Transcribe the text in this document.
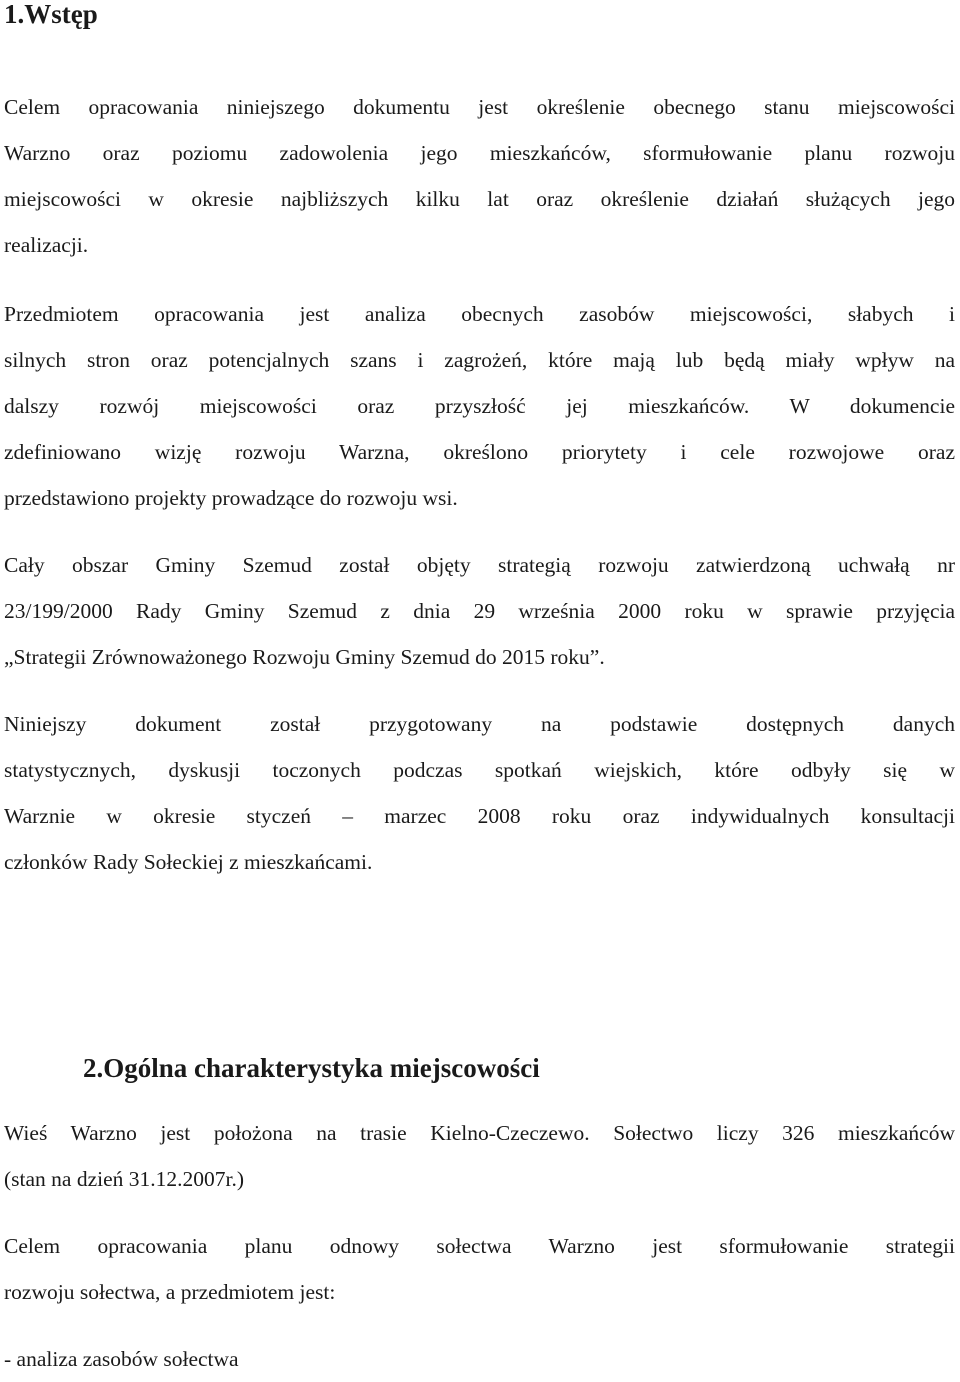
1.Wstęp
Celem opracowania niniejszego dokumentu jest określenie obecnego stanu miejscowości
Warzno oraz poziomu zadowolenia jego mieszkańców, sformułowanie planu rozwoju
miejscowości w okresie najbliższych kilku lat oraz określenie działań służących jego
realizacji.
Przedmiotem opracowania jest analiza obecnych zasobów miejscowości, słabych i
silnych stron oraz potencjalnych szans i zagrożeń, które mają lub będą miały wpływ na
dalszy rozwój miejscowości oraz przyszłość jej mieszkańców. W dokumencie
zdefiniowano wizję rozwoju Warzna, określono priorytety i cele rozwojowe oraz
przedstawiono projekty prowadzące do rozwoju wsi.
Cały obszar Gminy Szemud został objęty strategią rozwoju zatwierdzoną uchwałą nr
23/199/2000 Rady Gminy Szemud z dnia 29 września 2000 roku w sprawie przyjęcia
„Strategii Zrównoważonego Rozwoju Gminy Szemud do 2015 roku”.
Niniejszy dokument został przygotowany na podstawie dostępnych danych
statystycznych, dyskusji toczonych podczas spotkań wiejskich, które odbyły się w
Warznie w okresie styczeń – marzec 2008 roku oraz indywidualnych konsultacji
członków Rady Sołeckiej z mieszkańcami.
2.Ogólna charakterystyka miejscowości
Wieś Warzno jest położona na trasie Kielno-Czeczewo. Sołectwo liczy 326 mieszkańców
(stan na dzień 31.12.2007r.)
Celem opracowania planu odnowy sołectwa Warzno jest sformułowanie strategii
rozwoju sołectwa, a przedmiotem jest:
- analiza zasobów sołectwa
